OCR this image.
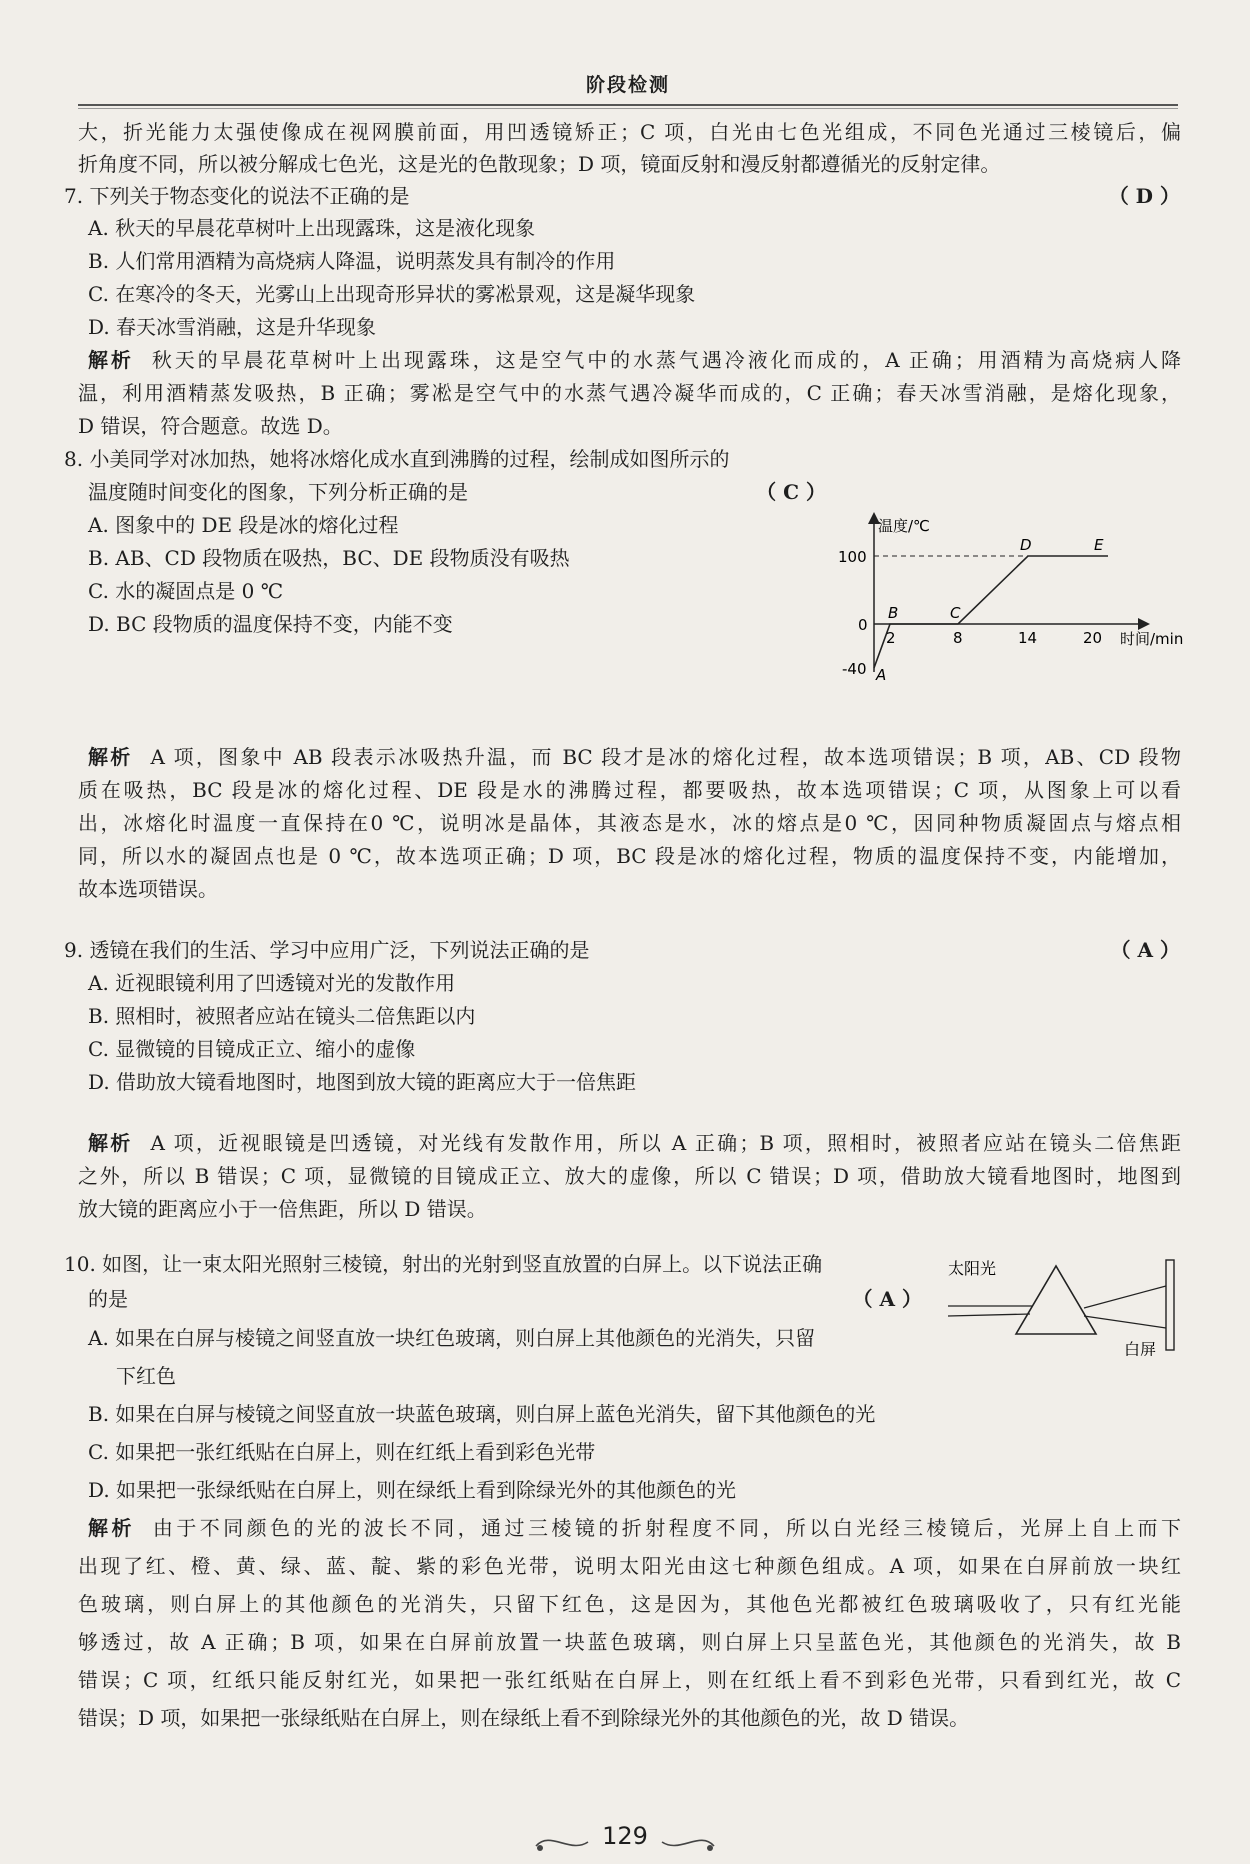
阶段检测
大，折光能力太强使像成在视网膜前面，用凹透镜矫正；C 项，白光由七色光组成，不同色光通过三棱镜后，偏
折角度不同，所以被分解成七色光，这是光的色散现象；D 项，镜面反射和漫反射都遵循光的反射定律。
7. 下列关于物态变化的说法不正确的是	（ D ）
A. 秋天的早晨花草树叶上出现露珠，这是液化现象
B. 人们常用酒精为高烧病人降温，说明蒸发具有制冷的作用
C. 在寒冷的冬天，光雾山上出现奇形异状的雾凇景观，这是凝华现象
D. 春天冰雪消融，这是升华现象
解析 秋天的早晨花草树叶上出现露珠，这是空气中的水蒸气遇冷液化而成的，A 正确；用酒精为高烧病人降
温，利用酒精蒸发吸热，B 正确；雾凇是空气中的水蒸气遇冷凝华而成的，C 正确；春天冰雪消融，是熔化现象，
D 错误，符合题意。故选 D。
8. 小美同学对冰加热，她将冰熔化成水直到沸腾的过程，绘制成如图所示的
温度随时间变化的图象，下列分析正确的是	（ C ）
A. 图象中的 DE 段是冰的熔化过程
B. AB、CD 段物质在吸热，BC、DE 段物质没有吸热
C. 水的凝固点是 0 ℃
D. BC 段物质的温度保持不变，内能不变
温度/℃
时间/min
100
0
-40
2	8	14	20
A
B	C
D	E
解析 A 项，图象中 AB 段表示冰吸热升温，而 BC 段才是冰的熔化过程，故本选项错误；B 项，AB、CD 段物
质在吸热，BC 段是冰的熔化过程、DE 段是水的沸腾过程，都要吸热，故本选项错误；C 项，从图象上可以看
出，冰熔化时温度一直保持在0 ℃，说明冰是晶体，其液态是水，冰的熔点是0 ℃，因同种物质凝固点与熔点相
同，所以水的凝固点也是 0 ℃，故本选项正确；D 项，BC 段是冰的熔化过程，物质的温度保持不变，内能增加，
故本选项错误。
9. 透镜在我们的生活、学习中应用广泛，下列说法正确的是	（ A ）
A. 近视眼镜利用了凹透镜对光的发散作用
B. 照相时，被照者应站在镜头二倍焦距以内
C. 显微镜的目镜成正立、缩小的虚像
D. 借助放大镜看地图时，地图到放大镜的距离应大于一倍焦距
解析 A 项，近视眼镜是凹透镜，对光线有发散作用，所以 A 正确；B 项，照相时，被照者应站在镜头二倍焦距
之外，所以 B 错误；C 项，显微镜的目镜成正立、放大的虚像，所以 C 错误；D 项，借助放大镜看地图时，地图到
放大镜的距离应小于一倍焦距，所以 D 错误。
10. 如图，让一束太阳光照射三棱镜，射出的光射到竖直放置的白屏上。以下说法正确
的是	（ A ）
A. 如果在白屏与棱镜之间竖直放一块红色玻璃，则白屏上其他颜色的光消失，只留
下红色
B. 如果在白屏与棱镜之间竖直放一块蓝色玻璃，则白屏上蓝色光消失，留下其他颜色的光
C. 如果把一张红纸贴在白屏上，则在红纸上看到彩色光带
D. 如果把一张绿纸贴在白屏上，则在绿纸上看到除绿光外的其他颜色的光
太阳光
白屏
解析 由于不同颜色的光的波长不同，通过三棱镜的折射程度不同，所以白光经三棱镜后，光屏上自上而下
出现了红、橙、黄、绿、蓝、靛、紫的彩色光带，说明太阳光由这七种颜色组成。A 项，如果在白屏前放一块红
色玻璃，则白屏上的其他颜色的光消失，只留下红色，这是因为，其他色光都被红色玻璃吸收了，只有红光能
够透过，故 A 正确；B 项，如果在白屏前放置一块蓝色玻璃，则白屏上只呈蓝色光，其他颜色的光消失，故 B
错误；C 项，红纸只能反射红光，如果把一张红纸贴在白屏上，则在红纸上看不到彩色光带，只看到红光，故 C
错误；D 项，如果把一张绿纸贴在白屏上，则在绿纸上看不到除绿光外的其他颜色的光，故 D 错误。
129
